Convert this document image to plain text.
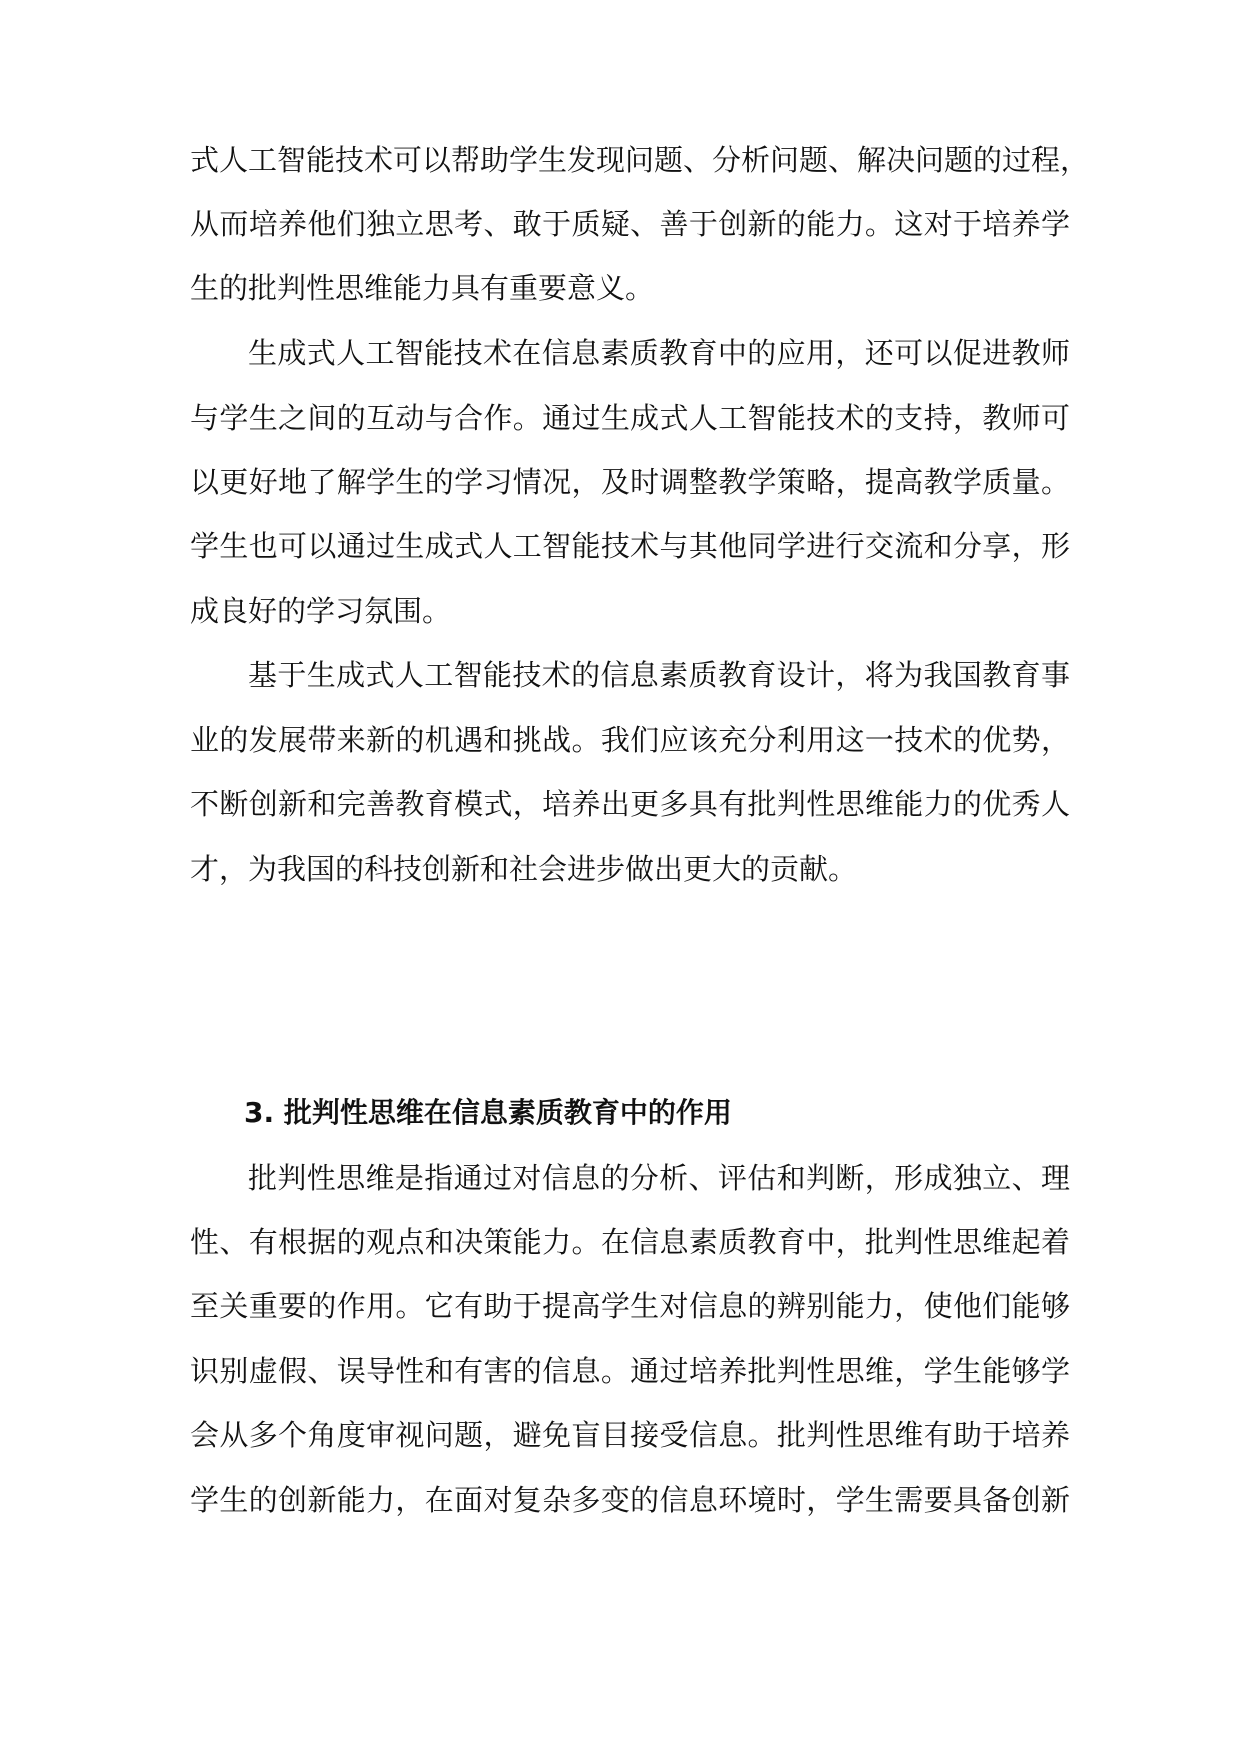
式人工智能技术可以帮助学生发现问题、分析问题、解决问题的过程，
从而培养他们独立思考、敢于质疑、善于创新的能力。这对于培养学
生的批判性思维能力具有重要意义。
生成式人工智能技术在信息素质教育中的应用，还可以促进教师
与学生之间的互动与合作。通过生成式人工智能技术的支持，教师可
以更好地了解学生的学习情况，及时调整教学策略，提高教学质量。
学生也可以通过生成式人工智能技术与其他同学进行交流和分享，形
成良好的学习氛围。
基于生成式人工智能技术的信息素质教育设计，将为我国教育事
业的发展带来新的机遇和挑战。我们应该充分利用这一技术的优势，
不断创新和完善教育模式，培养出更多具有批判性思维能力的优秀人
才，为我国的科技创新和社会进步做出更大的贡献。
3. 批判性思维在信息素质教育中的作用
批判性思维是指通过对信息的分析、评估和判断，形成独立、理
性、有根据的观点和决策能力。在信息素质教育中，批判性思维起着
至关重要的作用。它有助于提高学生对信息的辨别能力，使他们能够
识别虚假、误导性和有害的信息。通过培养批判性思维，学生能够学
会从多个角度审视问题，避免盲目接受信息。批判性思维有助于培养
学生的创新能力，在面对复杂多变的信息环境时，学生需要具备创新
